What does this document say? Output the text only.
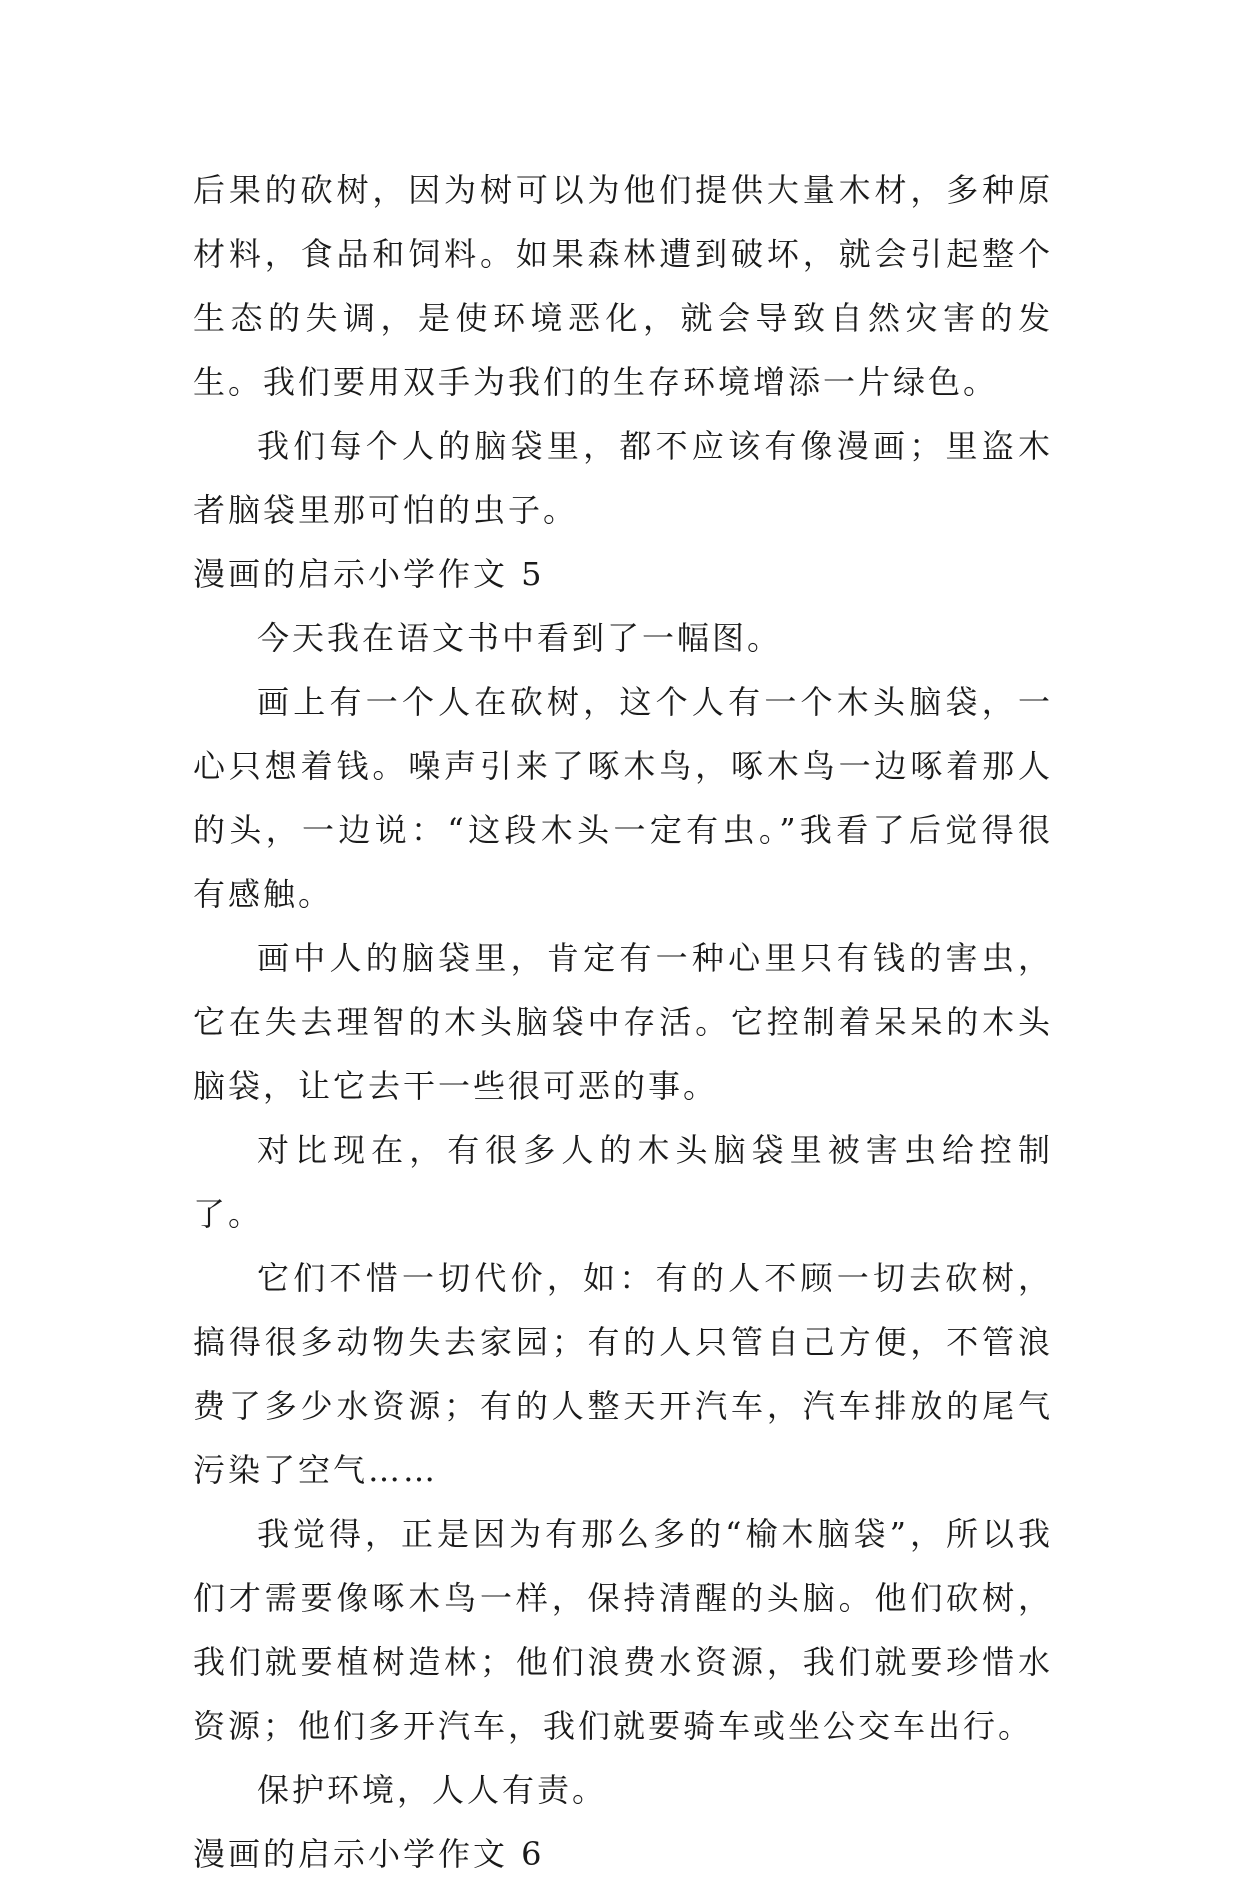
后果的砍树，因为树可以为他们提供大量木材，多种原材料，食品和饲料。如果森林遭到破坏，就会引起整个生态的失调，是使环境恶化，就会导致自然灾害的发生。我们要用双手为我们的生存环境增添一片绿色。

我们每个人的脑袋里，都不应该有像漫画；里盗木者脑袋里那可怕的虫子。

漫画的启示小学作文 5

今天我在语文书中看到了一幅图。

画上有一个人在砍树，这个人有一个木头脑袋，一心只想着钱。噪声引来了啄木鸟，啄木鸟一边啄着那人的头，一边说：“这段木头一定有虫。”我看了后觉得很有感触。

画中人的脑袋里，肯定有一种心里只有钱的害虫，它在失去理智的木头脑袋中存活。它控制着呆呆的木头脑袋，让它去干一些很可恶的事。

对比现在，有很多人的木头脑袋里被害虫给控制了。

它们不惜一切代价，如：有的人不顾一切去砍树，搞得很多动物失去家园；有的人只管自己方便，不管浪费了多少水资源；有的人整天开汽车，汽车排放的尾气污染了空气……

我觉得，正是因为有那么多的“榆木脑袋”，所以我们才需要像啄木鸟一样，保持清醒的头脑。他们砍树，我们就要植树造林；他们浪费水资源，我们就要珍惜水资源；他们多开汽车，我们就要骑车或坐公交车出行。

保护环境，人人有责。

漫画的启示小学作文 6
